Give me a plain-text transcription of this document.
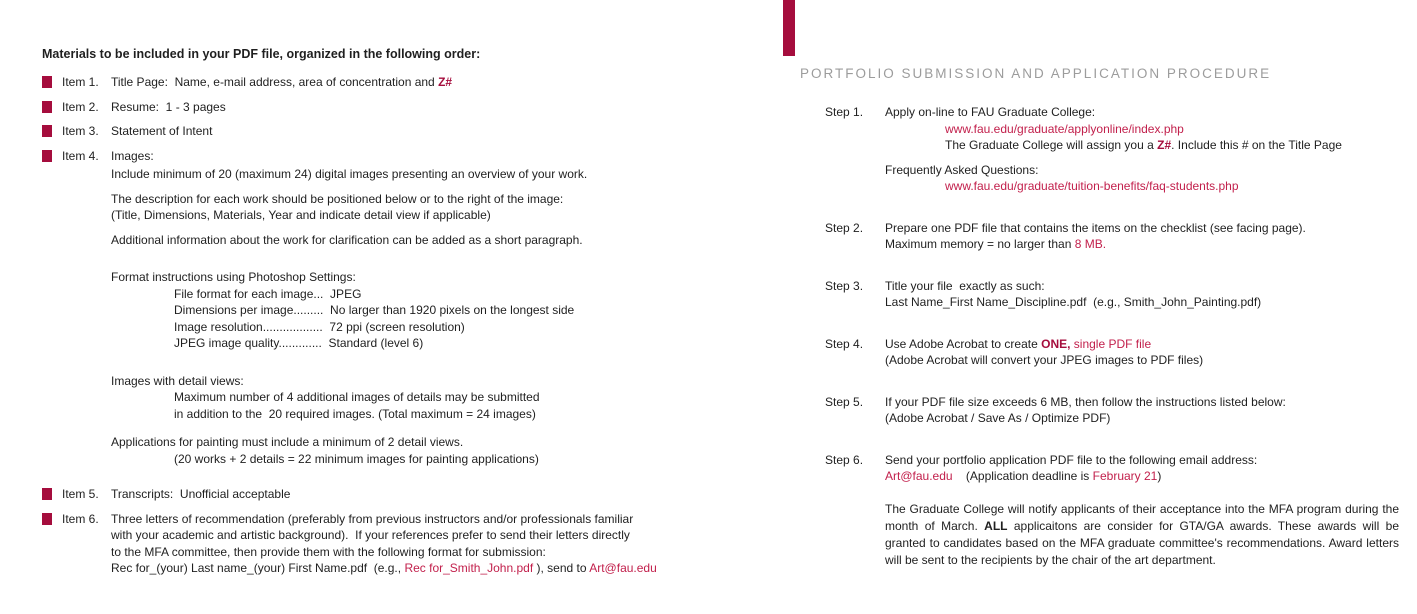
Materials to be included in your PDF file, organized in the following order:
Item 1.	Title Page:  Name, e-mail address, area of concentration and Z#
Item 2.	Resume:  1 - 3 pages
Item 3.	Statement of Intent
Item 4.	Images:
Include minimum of 20 (maximum 24) digital images presenting an overview of your work.
The description for each work should be positioned below or to the right of the image:
(Title, Dimensions, Materials, Year and indicate detail view if applicable)
Additional information about the work for clarification can be added as a short paragraph.
Format instructions using Photoshop Settings:
File format for each image...  JPEG
Dimensions per image.........  No larger than 1920 pixels on the longest side
Image resolution..................  72 ppi (screen resolution)
JPEG image quality.............  Standard (level 6)
Images with detail views:
Maximum number of 4 additional images of details may be submitted
in addition to the  20 required images. (Total maximum = 24 images)
Applications for painting must include a minimum of 2 detail views.
(20 works + 2 details = 22 minimum images for painting applications)
Item 5.	Transcripts:  Unofficial acceptable
Item 6.	Three letters of recommendation (preferably from previous instructors and/or professionals familiar
with your academic and artistic background).  If your references prefer to send their letters directly
to the MFA committee, then provide them with the following format for submission:
Rec for_(your) Last name_(your) First Name.pdf  (e.g., Rec for_Smith_John.pdf ), send to Art@fau.edu
PORTFOLIO SUBMISSION AND APPLICATION PROCEDURE
Step 1.	Apply on-line to FAU Graduate College:
www.fau.edu/graduate/applyonline/index.php
The Graduate College will assign you a Z#. Include this # on the Title Page
Frequently Asked Questions:
www.fau.edu/graduate/tuition-benefits/faq-students.php
Step 2.	Prepare one PDF file that contains the items on the checklist (see facing page).
Maximum memory = no larger than 8 MB.
Step 3.	Title your file  exactly as such:
Last Name_First Name_Discipline.pdf  (e.g., Smith_John_Painting.pdf)
Step 4.	Use Adobe Acrobat to create ONE, single PDF file
(Adobe Acrobat will convert your JPEG images to PDF files)
Step 5.	If your PDF file size exceeds 6 MB, then follow the instructions listed below:
(Adobe Acrobat / Save As / Optimize PDF)
Step 6.	Send your portfolio application PDF file to the following email address:
Art@fau.edu    (Application deadline is February 21)

The Graduate College will notify applicants of their acceptance into the MFA program during the month of March. ALL applicaitons are consider for GTA/GA awards. These awards will be granted to candidates based on the MFA graduate committee's recommendations. Award letters will be sent to the recipients by the chair of the art department.
